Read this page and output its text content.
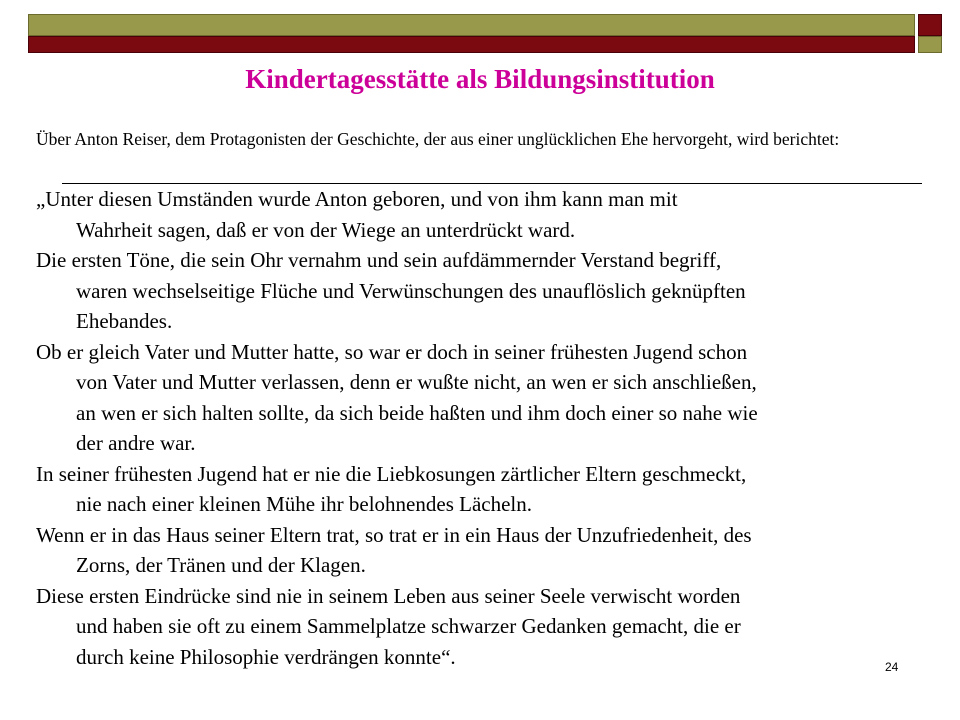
Kindertagesstätte als Bildungsinstitution
Über Anton Reiser, dem Protagonisten der Geschichte, der aus einer unglücklichen Ehe hervorgeht, wird berichtet:

„Unter diesen Umständen wurde Anton geboren, und von ihm kann man mit
Wahrheit sagen, daß er von der Wiege an unterdrückt ward.

Die ersten Töne, die sein Ohr vernahm und sein aufdämmernder Verstand begriff,
waren wechselseitige Flüche und Verwünschungen des unauflöslich geknüpften
Ehebandes.

Ob er gleich Vater und Mutter hatte, so war er doch in seiner frühesten Jugend schon
von Vater und Mutter verlassen, denn er wußte nicht, an wen er sich anschließen,
an wen er sich halten sollte, da sich beide haßten und ihm doch einer so nahe wie
der andre war.

In seiner frühesten Jugend hat er nie die Liebkosungen zärtlicher Eltern geschmeckt,
nie nach einer kleinen Mühe ihr belohnendes Lächeln.

Wenn er in das Haus seiner Eltern trat, so trat er in ein Haus der Unzufriedenheit, des
Zorns, der Tränen und der Klagen.

Diese ersten Eindrücke sind nie in seinem Leben aus seiner Seele verwischt worden
und haben sie oft zu einem Sammelplatze schwarzer Gedanken gemacht, die er
durch keine Philosophie verdrängen konnte“.	24
